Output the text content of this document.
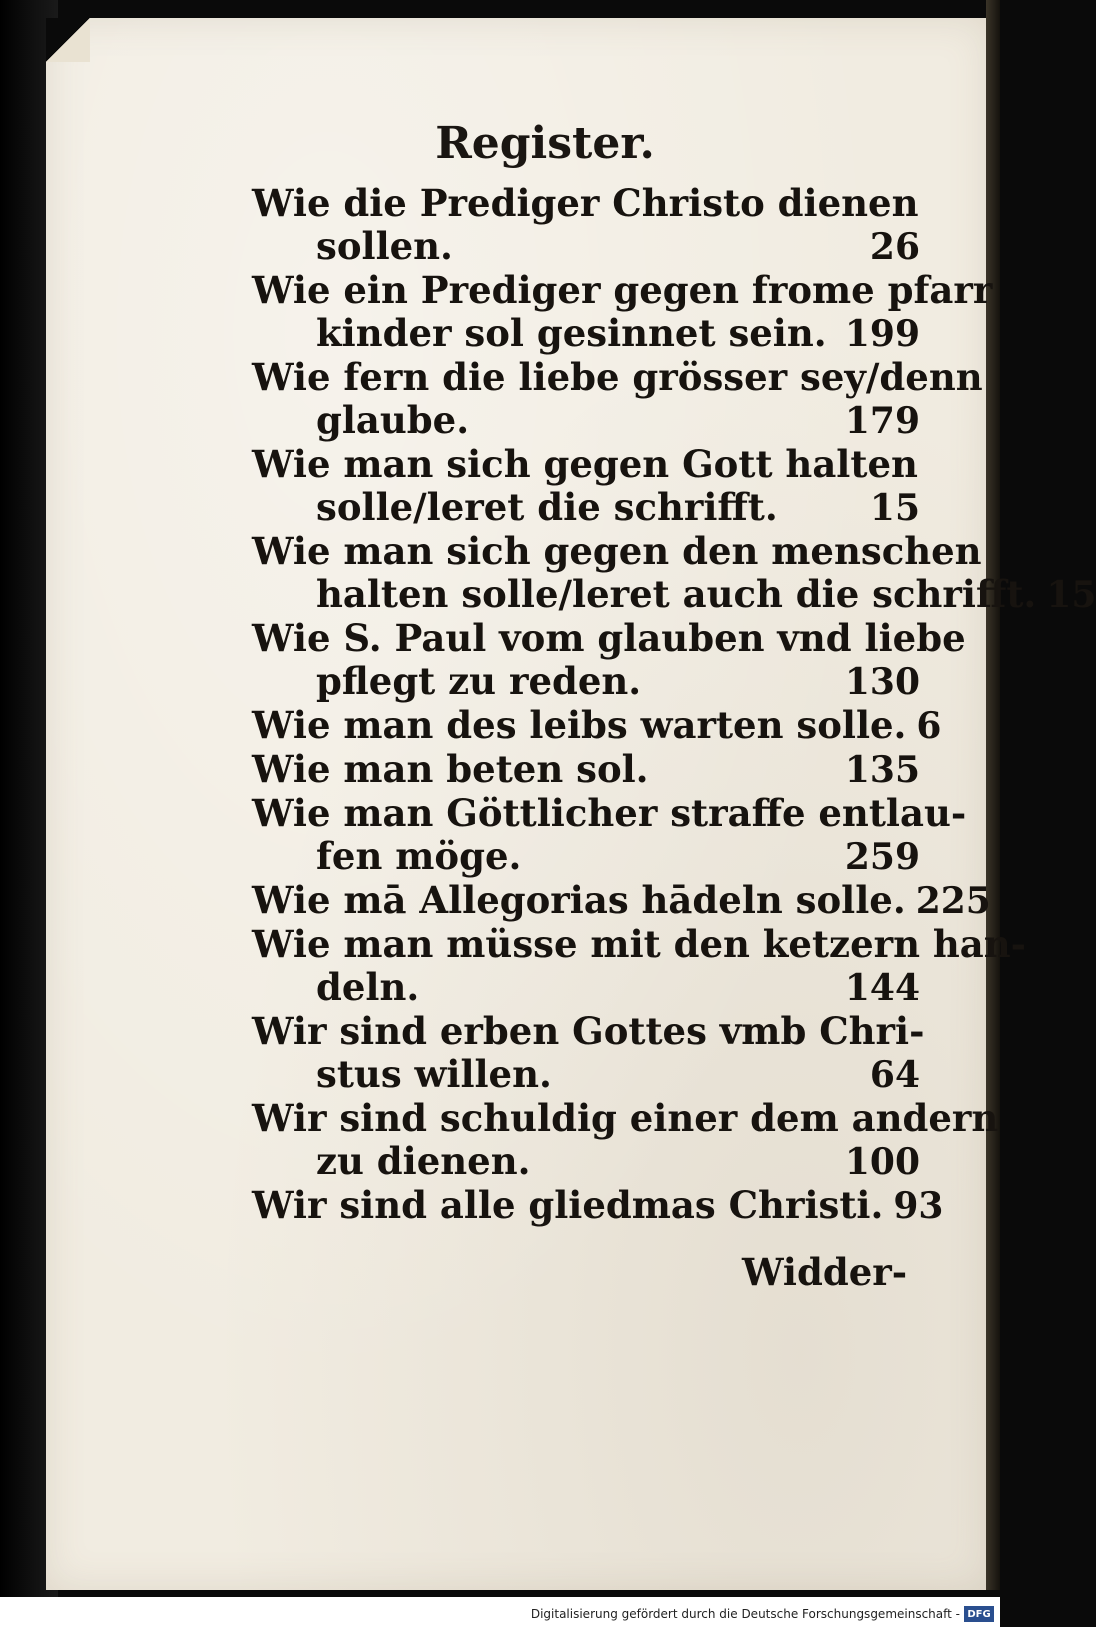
Register.
Wie die Prediger Christo dienen
sollen.	26
Wie ein Prediger gegen frome pfarr
kinder sol gesinnet sein. 199
Wie fern die liebe grösser sey/denn
glaube.	179
Wie man sich gegen Gott halten
solle/leret die schrifft.	15
Wie man sich gegen den menschen
halten solle/leret auch die schrifft. 15
Wie S. Paul vom glauben vnd liebe
pflegt zu reden.	130
Wie man des leibs warten solle. 6
Wie man beten sol.	135
Wie man Göttlicher straffe entlau-
fen möge.	259
Wie mā Allegorias hādeln solle. 225
Wie man müsse mit den ketzern han-
deln.	144
Wir sind erben Gottes vmb Chri-
stus willen.	64
Wir sind schuldig einer dem andern
zu dienen.	100
Wir sind alle gliedmas Christi. 93
Widder-
Digitalisierung gefördert durch die Deutsche Forschungsgemeinschaft - DFG
